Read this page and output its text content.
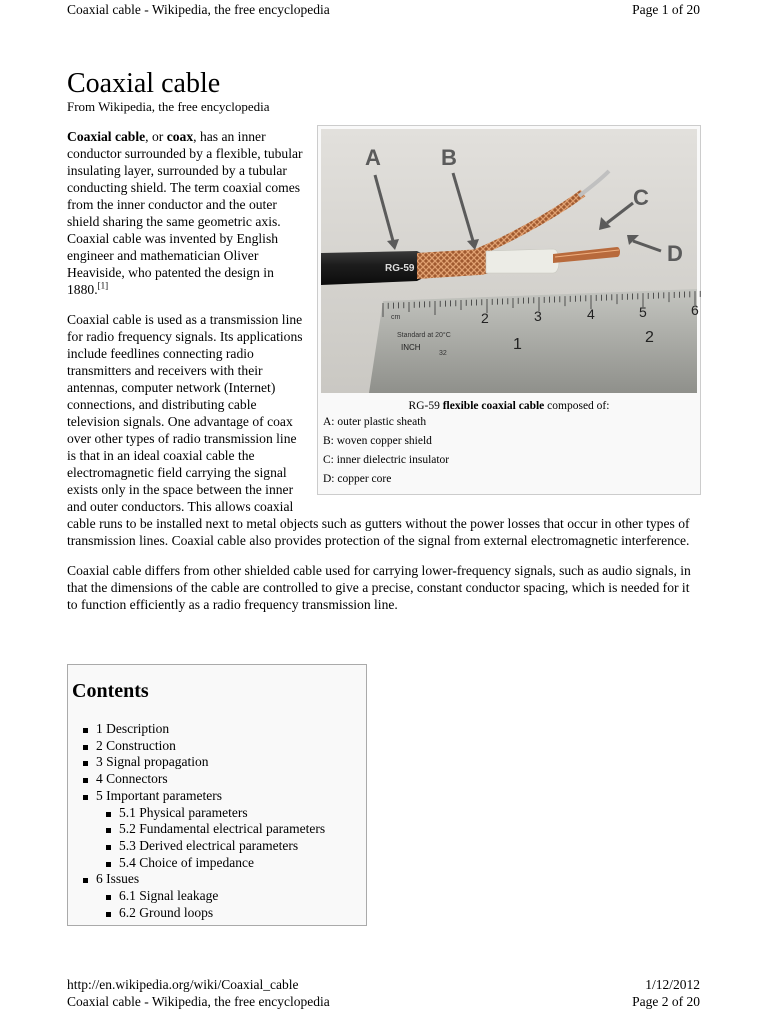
Coaxial cable - Wikipedia, the free encyclopedia	Page 1 of 20
Coaxial cable
From Wikipedia, the free encyclopedia
cm	2	3	4	5	6
Standard at 20°C
INCH	1	2
32
RG-59
A	B
C
D
RG-59 flexible coaxial cable composed of:
A: outer plastic sheath
B: woven copper shield
C: inner dielectric insulator
D: copper core

Coaxial cable, or coax, has an inner conductor surrounded by a flexible, tubular insulating layer, surrounded by a tubular conducting shield. The term coaxial comes from the inner conductor and the outer shield sharing the same geometric axis. Coaxial cable was invented by English engineer and mathematician Oliver Heaviside, who patented the design in 1880.[1]

Coaxial cable is used as a transmission line for radio frequency signals. Its applications include feedlines connecting radio transmitters and receivers with their antennas, computer network (Internet) connections, and distributing cable television signals. One advantage of coax over other types of radio transmission line is that in an ideal coaxial cable the electromagnetic field carrying the signal exists only in the space between the inner and outer conductors. This allows coaxial cable runs to be installed next to metal objects such as gutters without the power losses that occur in other types of transmission lines. Coaxial cable also provides protection of the signal from external electromagnetic interference.

Coaxial cable differs from other shielded cable used for carrying lower-frequency signals, such as audio signals, in that the dimensions of the cable are controlled to give a precise, constant conductor spacing, which is needed for it to function efficiently as a radio frequency transmission line.

Contents
1 Description
2 Construction
3 Signal propagation
4 Connectors
5 Important parameters
5.1 Physical parameters
5.2 Fundamental electrical parameters
5.3 Derived electrical parameters
5.4 Choice of impedance
6 Issues
6.1 Signal leakage
6.2 Ground loops
http://en.wikipedia.org/wiki/Coaxial_cable	1/12/2012
Coaxial cable - Wikipedia, the free encyclopedia	Page 2 of 20
